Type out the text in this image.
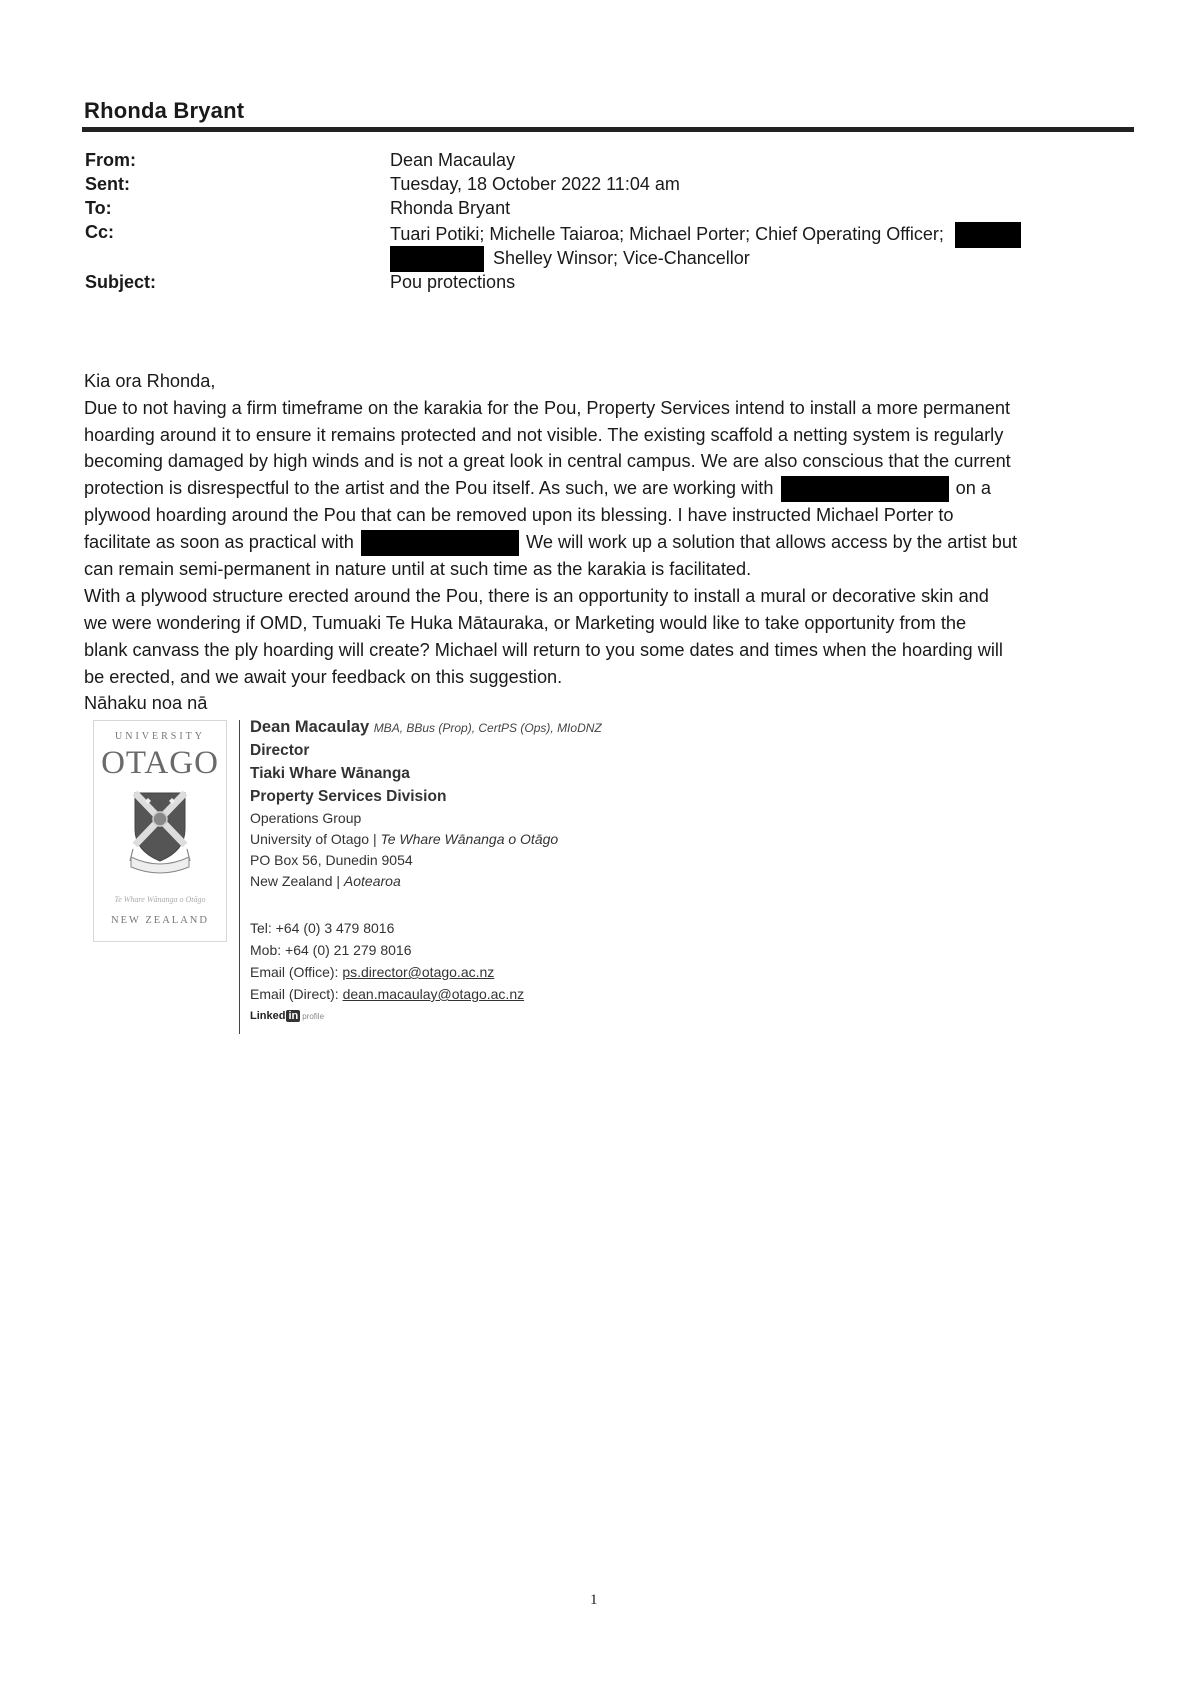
Rhonda Bryant
From:	Dean Macaulay
Sent:	Tuesday, 18 October 2022 11:04 am
To:	Rhonda Bryant
Cc:	Tuari Potiki; Michelle Taiaroa; Michael Porter; Chief Operating Officer;
Shelley Winsor; Vice-Chancellor
Subject:	Pou protections

Kia ora Rhonda,

Due to not having a firm timeframe on the karakia for the Pou, Property Services intend to install a more permanent

hoarding around it to ensure it remains protected and not visible. The existing scaffold a netting system is regularly

becoming damaged by high winds and is not a great look in central campus. We are also conscious that the current

protection is disrespectful to the artist and the Pou itself. As such, we are working with	on a

plywood hoarding around the Pou that can be removed upon its blessing. I have instructed Michael Porter to

facilitate as soon as practical with	We will work up a solution that allows access by the artist but

can remain semi-permanent in nature until at such time as the karakia is facilitated.

With a plywood structure erected around the Pou, there is an opportunity to install a mural or decorative skin and

we were wondering if OMD, Tumuaki Te Huka Mātauraka, or Marketing would like to take opportunity from the

blank canvass the ply hoarding will create? Michael will return to you some dates and times when the hoarding will

be erected, and we await your feedback on this suggestion.

Nāhaku noa nā

UNIVERSITY
OTAGO
Te Whare Wānanga o Otāgo
NEW ZEALAND
Dean Macaulay MBA, BBus (Prop), CertPS (Ops), MIoDNZ
Director
Tiaki Whare Wānanga
Property Services Division
Operations Group
University of Otago | Te Whare Wānanga o Otāgo
PO Box 56, Dunedin 9054
New Zealand | Aotearoa
Tel: +64 (0) 3 479 8016
Mob: +64 (0) 21 279 8016
Email (Office): ps.director@otago.ac.nz
Email (Direct): dean.macaulay@otago.ac.nz
Linked in profile
1
